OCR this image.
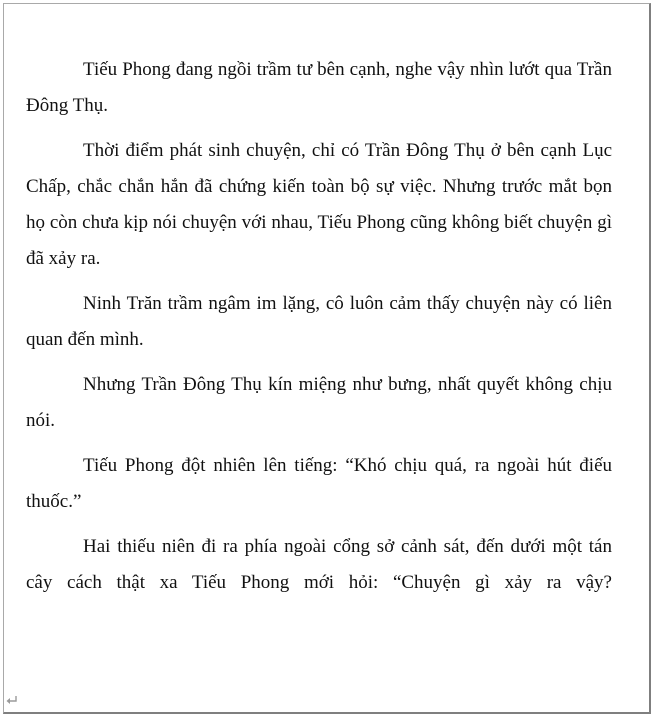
Tiếu Phong đang ngồi trầm tư bên cạnh, nghe vậy nhìn lướt qua Trần Đông Thụ.

Thời điểm phát sinh chuyện, chỉ có Trần Đông Thụ ở bên cạnh Lục Chấp, chắc chắn hắn đã chứng kiến toàn bộ sự việc. Nhưng trước mắt bọn họ còn chưa kịp nói chuyện với nhau, Tiếu Phong cũng không biết chuyện gì đã xảy ra.

Ninh Trăn trầm ngâm im lặng, cô luôn cảm thấy chuyện này có liên quan đến mình.

Nhưng Trần Đông Thụ kín miệng như bưng, nhất quyết không chịu nói.

Tiếu Phong đột nhiên lên tiếng: “Khó chịu quá, ra ngoài hút điếu thuốc.”

Hai thiếu niên đi ra phía ngoài cổng sở cảnh sát, đến dưới một tán cây cách thật xa Tiếu Phong mới hỏi: “Chuyện gì xảy ra vậy?
